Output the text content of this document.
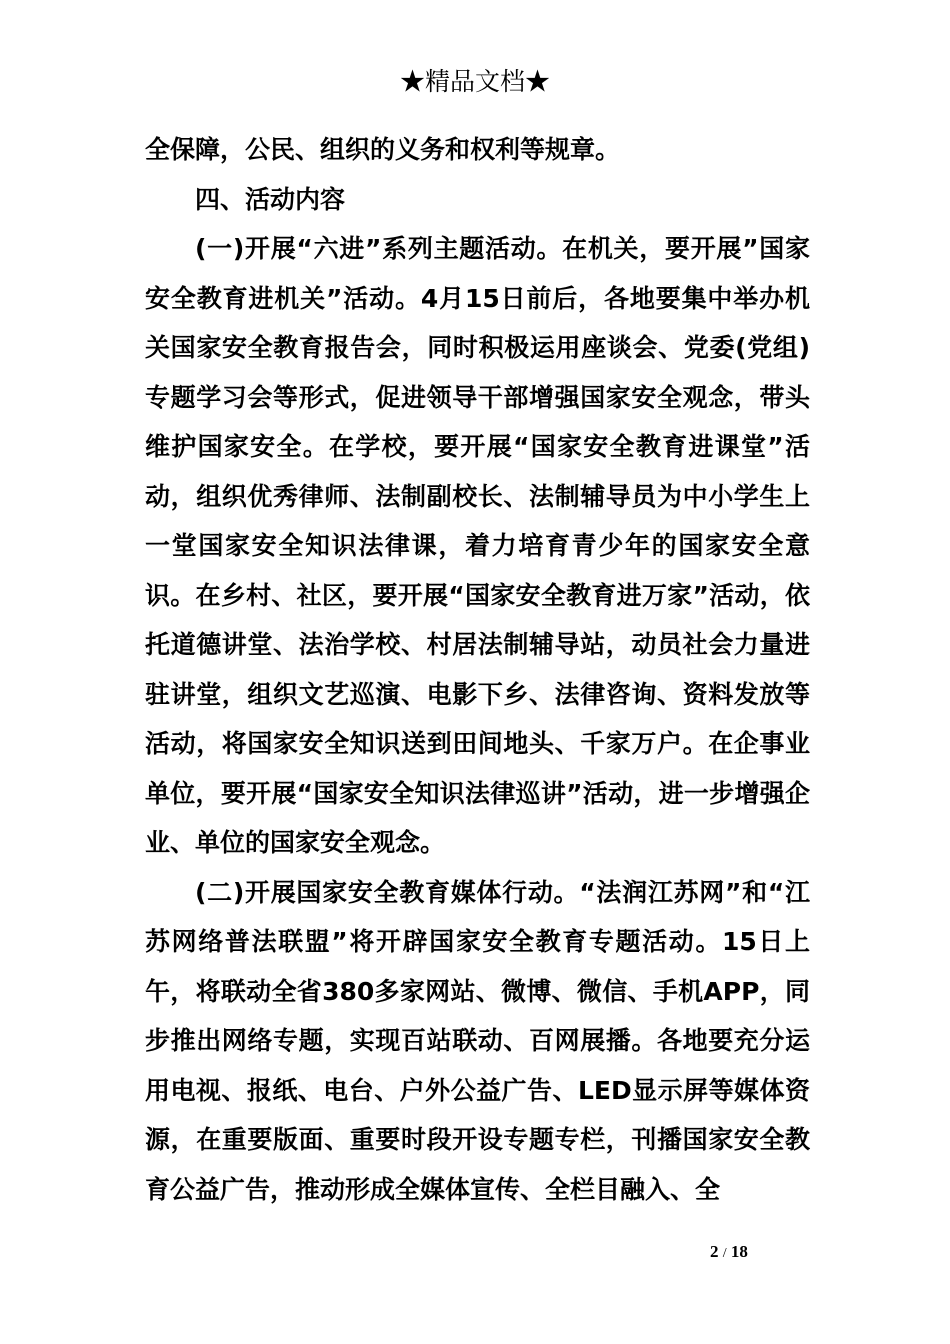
★精品文档★

全保障，公民、组织的义务和权利等规章。

四、活动内容

(一)开展“六进”系列主题活动。在机关，要开展”国家安全教育进机关”活动。4月15日前后，各地要集中举办机关国家安全教育报告会，同时积极运用座谈会、党委(党组)专题学习会等形式，促进领导干部增强国家安全观念，带头维护国家安全。在学校，要开展“国家安全教育进课堂”活动，组织优秀律师、法制副校长、法制辅导员为中小学生上一堂国家安全知识法律课，着力培育青少年的国家安全意识。在乡村、社区，要开展“国家安全教育进万家”活动，依托道德讲堂、法治学校、村居法制辅导站，动员社会力量进驻讲堂，组织文艺巡演、电影下乡、法律咨询、资料发放等活动，将国家安全知识送到田间地头、千家万户。在企事业单位，要开展“国家安全知识法律巡讲”活动，进一步增强企业、单位的国家安全观念。

(二)开展国家安全教育媒体行动。“法润江苏网”和“江苏网络普法联盟”将开辟国家安全教育专题活动。15日上午，将联动全省380多家网站、微博、微信、手机APP，同步推出网络专题，实现百站联动、百网展播。各地要充分运用电视、报纸、电台、户外公益广告、LED显示屏等媒体资源，在重要版面、重要时段开设专题专栏，刊播国家安全教育公益广告，推动形成全媒体宣传、全栏目融入、全

2 / 18
